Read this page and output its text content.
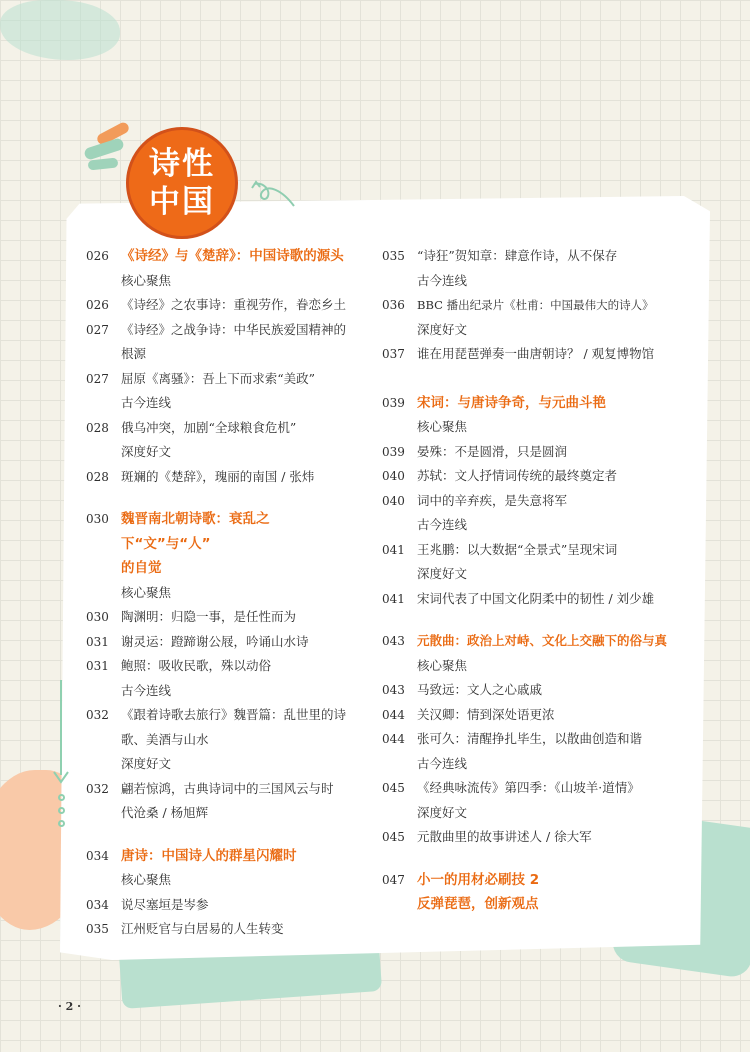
诗性
中国
026 《诗经》与《楚辞》：中国诗歌的源头
核心聚焦
026 《诗经》之农事诗：重视劳作，眷恋乡土
027 《诗经》之战争诗：中华民族爱国精神的
根源
027 屈原《离骚》：吾上下而求索“美政”
古今连线
028 俄乌冲突，加剧“全球粮食危机”
深度好文
028 斑斓的《楚辞》，瑰丽的南国 / 张炜
030 魏晋南北朝诗歌：衰乱之下“文”与“人”
的自觉
核心聚焦
030 陶渊明：归隐一事，是任性而为
031 谢灵运：蹬蹄谢公屐，吟诵山水诗
031 鲍照：吸收民歌，殊以动俗
古今连线
032 《跟着诗歌去旅行》魏晋篇：乱世里的诗
歌、美酒与山水
深度好文
032 翩若惊鸿，古典诗词中的三国风云与时
代沧桑 / 杨旭辉
034 唐诗：中国诗人的群星闪耀时
核心聚焦
034 说尽塞垣是岑参
035 江州贬官与白居易的人生转变
035 “诗狂”贺知章：肆意作诗，从不保存
古今连线
036	BBC 播出纪录片《杜甫：中国最伟大的诗人》
深度好文
037 谁在用琵琶弹奏一曲唐朝诗？ / 观复博物馆
039 宋词：与唐诗争奇，与元曲斗艳
核心聚焦
039 晏殊：不是圆滑，只是圆润
040 苏轼：文人抒情词传统的最终奠定者
040 词中的辛弃疾，是失意将军
古今连线
041 王兆鹏：以大数据“全景式”呈现宋词
深度好文
041 宋词代表了中国文化阴柔中的韧性 / 刘少雄
043 元散曲：政治上对峙、文化上交融下的俗与真
核心聚焦
043 马致远：文人之心戚戚
044 关汉卿：情到深处语更浓
044 张可久：清醒挣扎毕生，以散曲创造和谐
古今连线
045 《经典咏流传》第四季：《山坡羊·道情》
深度好文
045 元散曲里的故事讲述人 / 徐大军
047 小一的用材必刷技 2
反弹琵琶，创新观点
· 2 ·
